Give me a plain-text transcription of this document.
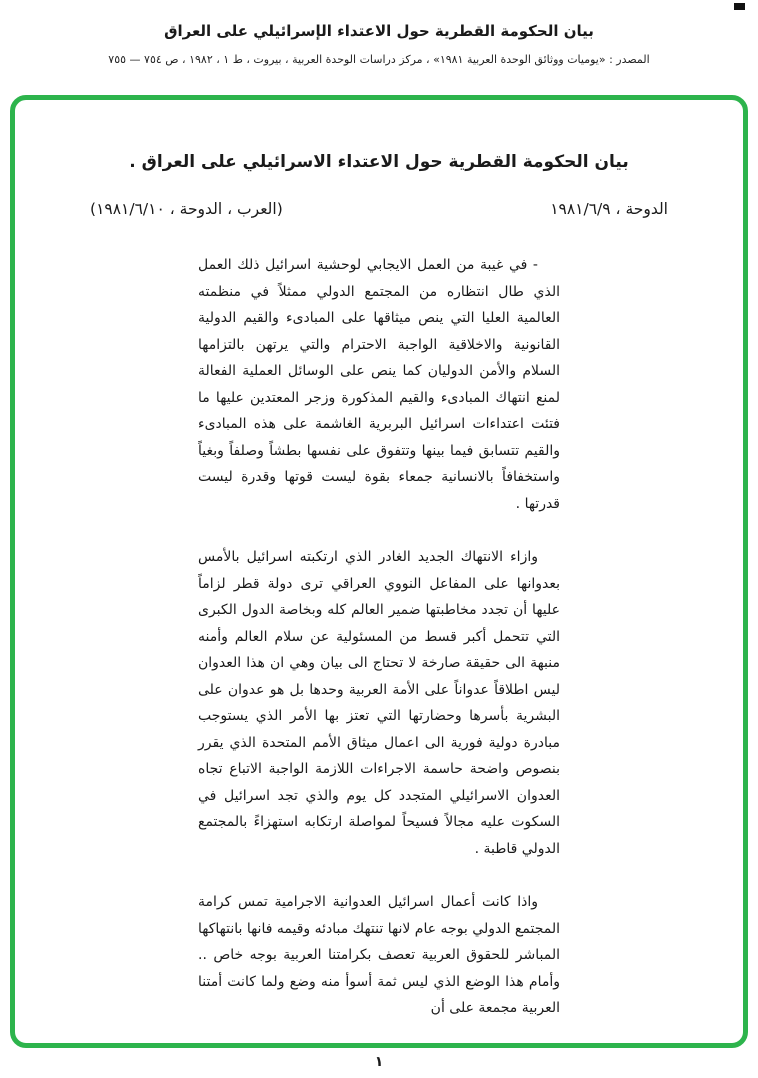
بيان الحكومة القطرية حول الاعتداء الإسرائيلي على العراق
المصدر : «يوميات ووثائق الوحدة العربية ١٩٨١» ، مركز دراسات الوحدة العربية ، بيروت ، ط ١ ، ١٩٨٢ ، ص ٧٥٤ — ٧٥٥
بيان الحكومة القطرية حول الاعتداء الاسرائيلي على العراق .
الدوحة ، ١٩٨١/٦/٩
(العرب ، الدوحة ، ١٩٨١/٦/١٠)

- في غيبة من العمل الايجابي لوحشية اسرائيل ذلك العمل الذي طال انتظاره من المجتمع الدولي ممثلاً في منظمته العالمية العليا التي ينص ميثاقها على المبادىء والقيم الدولية القانونية والاخلاقية الواجبة الاحترام والتي يرتهن بالتزامها السلام والأمن الدوليان كما ينص على الوسائل العملية الفعالة لمنع انتهاك المبادىء والقيم المذكورة وزجر المعتدين عليها ما فتئت اعتداءات اسرائيل البربرية الغاشمة على هذه المبادىء والقيم تتسابق فيما بينها وتتفوق على نفسها بطشاً وصلفاً وبغياً واستخفافاً بالانسانية جمعاء بقوة ليست قوتها وقدرة ليست قدرتها .

وازاء الانتهاك الجديد الغادر الذي ارتكبته اسرائيل بالأمس بعدوانها على المفاعل النووي العراقي ترى دولة قطر لزاماً عليها أن تجدد مخاطبتها ضمير العالم كله وبخاصة الدول الكبرى التي تتحمل أكبر قسط من المسئولية عن سلام العالم وأمنه منبهة الى حقيقة صارخة لا تحتاج الى بيان وهي ان هذا العدوان ليس اطلاقاً عدواناً على الأمة العربية وحدها بل هو عدوان على البشرية بأسرها وحضارتها التي تعتز بها الأمر الذي يستوجب مبادرة دولية فورية الى اعمال ميثاق الأمم المتحدة الذي يقرر بنصوص واضحة حاسمة الاجراءات اللازمة الواجبة الاتباع تجاه العدوان الاسرائيلي المتجدد كل يوم والذي تجد اسرائيل في السكوت عليه مجالاً فسيحاً لمواصلة ارتكابه استهزاءً بالمجتمع الدولي قاطبة .

واذا كانت أعمال اسرائيل العدوانية الاجرامية تمس كرامة المجتمع الدولي بوجه عام لانها تنتهك مبادئه وقيمه فانها بانتهاكها المباشر للحقوق العربية تعصف بكرامتنا العربية بوجه خاص .. وأمام هذا الوضع الذي ليس ثمة أسوأ منه وضع ولما كانت أمتنا العربية مجمعة على أن

١
